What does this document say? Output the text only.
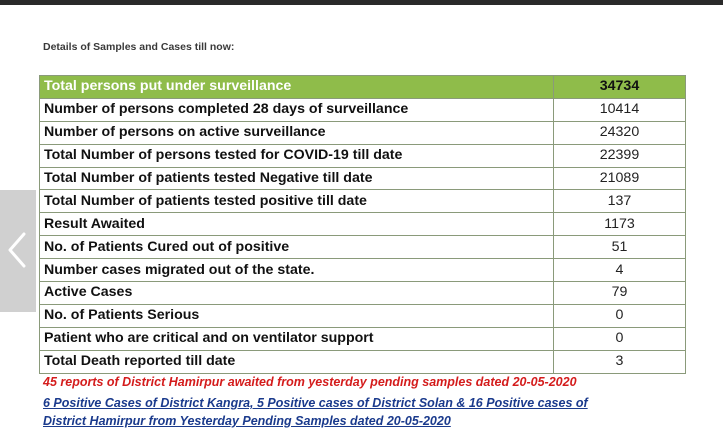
Details of Samples and Cases till now:
Total persons put under surveillance	34734
Number of persons completed 28 days of surveillance	10414
Number of persons on active surveillance	24320
Total Number of persons tested for COVID-19 till date	22399
Total Number of patients tested Negative till date	21089
Total Number of patients tested positive till date	137
Result Awaited	1173
No. of Patients Cured out of positive	51
Number cases migrated out of the state.	4
Active Cases	79
No. of Patients Serious	0
Patient who are critical and on ventilator support	0
Total Death reported till date	3
45 reports of District Hamirpur awaited from yesterday pending samples dated 20-05-2020
6 Positive Cases of District Kangra, 5 Positive cases of District Solan & 16 Positive cases of
District Hamirpur from Yesterday Pending Samples dated 20-05-2020
